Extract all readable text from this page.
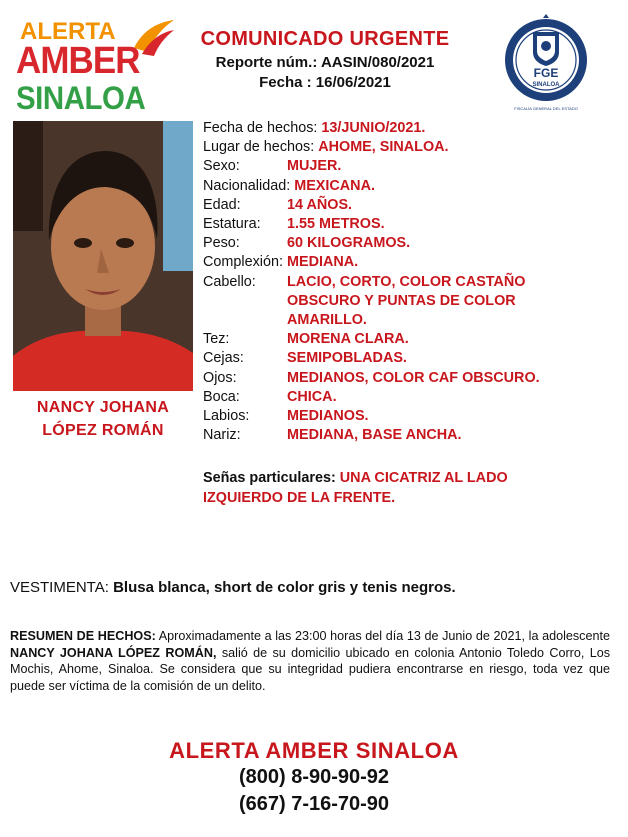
ALERTA
AMBER
SINALOA
COMUNICADO URGENTE
Reporte núm.: AASIN/080/2021
Fecha : 16/06/2021
FGE
SINALOA
FISCALÍA GENERAL DEL ESTADO
NANCY JOHANA
LÓPEZ ROMÁN
Fecha de hechos:
13/JUNIO/2021.
Lugar de hechos:
AHOME, SINALOA.
Sexo:	MUJER.
Nacionalidad:
MEXICANA.
Edad:	14 AÑOS.
Estatura:	1.55 METROS.
Peso:	60 KILOGRAMOS.
Complexión:
MEDIANA.
Cabello:	LACIO, CORTO, COLOR CASTAÑO
OBSCURO Y PUNTAS DE COLOR
AMARILLO.
Tez:	MORENA CLARA.
Cejas:	SEMIPOBLADAS.
Ojos:	MEDIANOS, COLOR CAF OBSCURO.
Boca:	CHICA.
Labios:	MEDIANOS.
Nariz:	MEDIANA, BASE ANCHA.
Señas particulares: UNA CICATRIZ AL LADO
IZQUIERDO DE LA FRENTE.
VESTIMENTA: Blusa blanca, short de color gris y tenis negros.
RESUMEN DE HECHOS: Aproximadamente a las 23:00 horas del día 13 de Junio de 2021, la adolescente NANCY JOHANA LÓPEZ ROMÁN, salió de su domicilio ubicado en colonia Antonio Toledo Corro, Los Mochis, Ahome, Sinaloa. Se considera que su integridad pudiera encontrarse en riesgo, toda vez que puede ser víctima de la comisión de un delito.
ALERTA AMBER SINALOA
(800) 8-90-90-92
(667) 7-16-70-90
